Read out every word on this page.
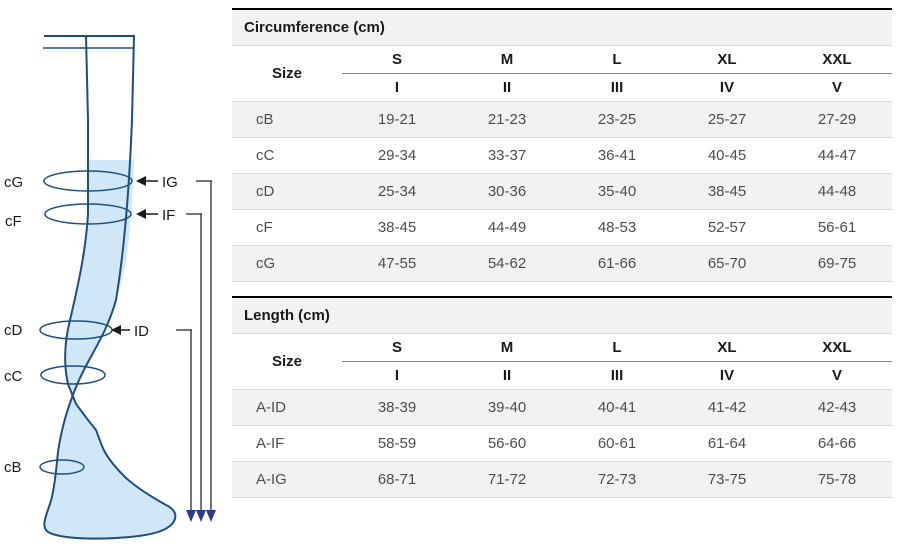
cG
cF
cD
cC
cB
IG
IF
ID
Circumference (cm)					
Size	S	M	L	XL	XXL
	I	II	III	IV	V
cB	19-21	21-23	23-25	25-27	27-29
cC	29-34	33-37	36-41	40-45	44-47
cD	25-34	30-36	35-40	38-45	44-48
cF	38-45	44-49	48-53	52-57	56-61
cG	47-55	54-62	61-66	65-70	69-75
Length (cm)					
Size	S	M	L	XL	XXL
	I	II	III	IV	V
A-ID	38-39	39-40	40-41	41-42	42-43
A-IF	58-59	56-60	60-61	61-64	64-66
A-IG	68-71	71-72	72-73	73-75	75-78
